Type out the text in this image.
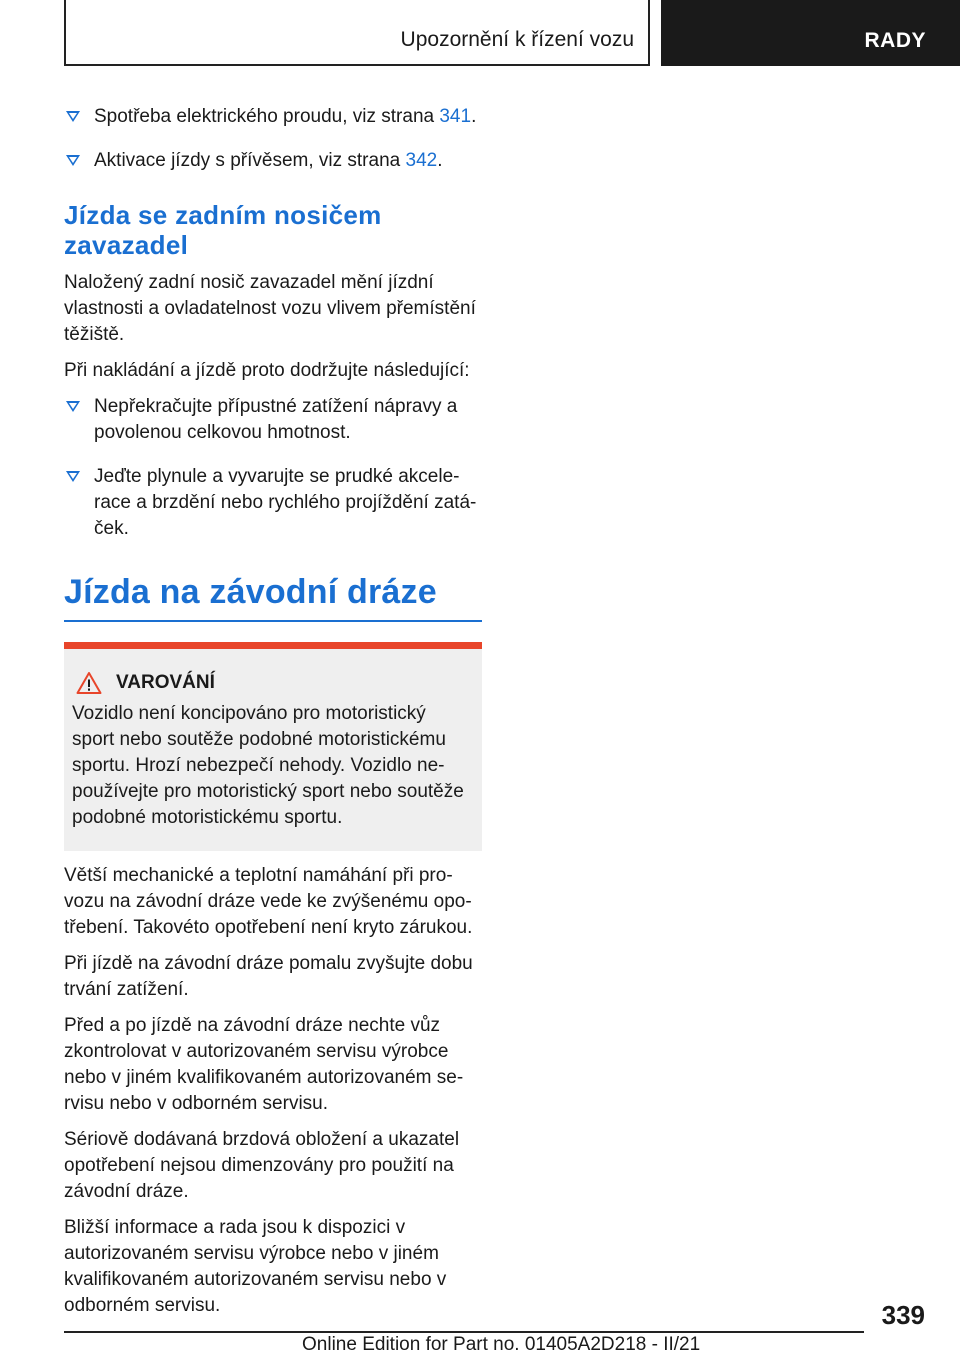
Upozornění k řízení vozu	RADY
Spotřeba elektrického proudu, viz strana 341.
Aktivace jízdy s přívěsem, viz strana 342.
Jízda se zadním nosičem zavazadel

Naložený zadní nosič zavazadel mění jízdní vlastnosti a ovladatelnost vozu vlivem přemístění těžiště.

Při nakládání a jízdě proto dodržujte následující:

Nepřekračujte přípustné zatížení nápravy a povolenou celkovou hmotnost.
Jeďte plynule a vyvarujte se prudké akcelerace a brzdění nebo rychlého projíždění zatáček.
Jízda na závodní dráze
VAROVÁNÍ

Vozidlo není koncipováno pro motoristický sport nebo soutěže podobné motoristickému sportu. Hrozí nebezpečí nehody. Vozidlo nepoužívejte pro motoristický sport nebo soutěže podobné motoristickému sportu.

Větší mechanické a teplotní namáhání při provozu na závodní dráze vede ke zvýšenému opotřebení. Takovéto opotřebení není kryto zárukou.

Při jízdě na závodní dráze pomalu zvyšujte dobu trvání zatížení.

Před a po jízdě na závodní dráze nechte vůz zkontrolovat v autorizovaném servisu výrobce nebo v jiném kvalifikovaném autorizovaném servisu nebo v odborném servisu.

Sériově dodávaná brzdová obložení a ukazatel opotřebení nejsou dimenzovány pro použití na závodní dráze.

Bližší informace a rada jsou k dispozici v autorizovaném servisu výrobce nebo v jiném kvalifikovaném autorizovaném servisu nebo v odborném servisu.	339
Online Edition for Part no. 01405A2D218 - II/21
